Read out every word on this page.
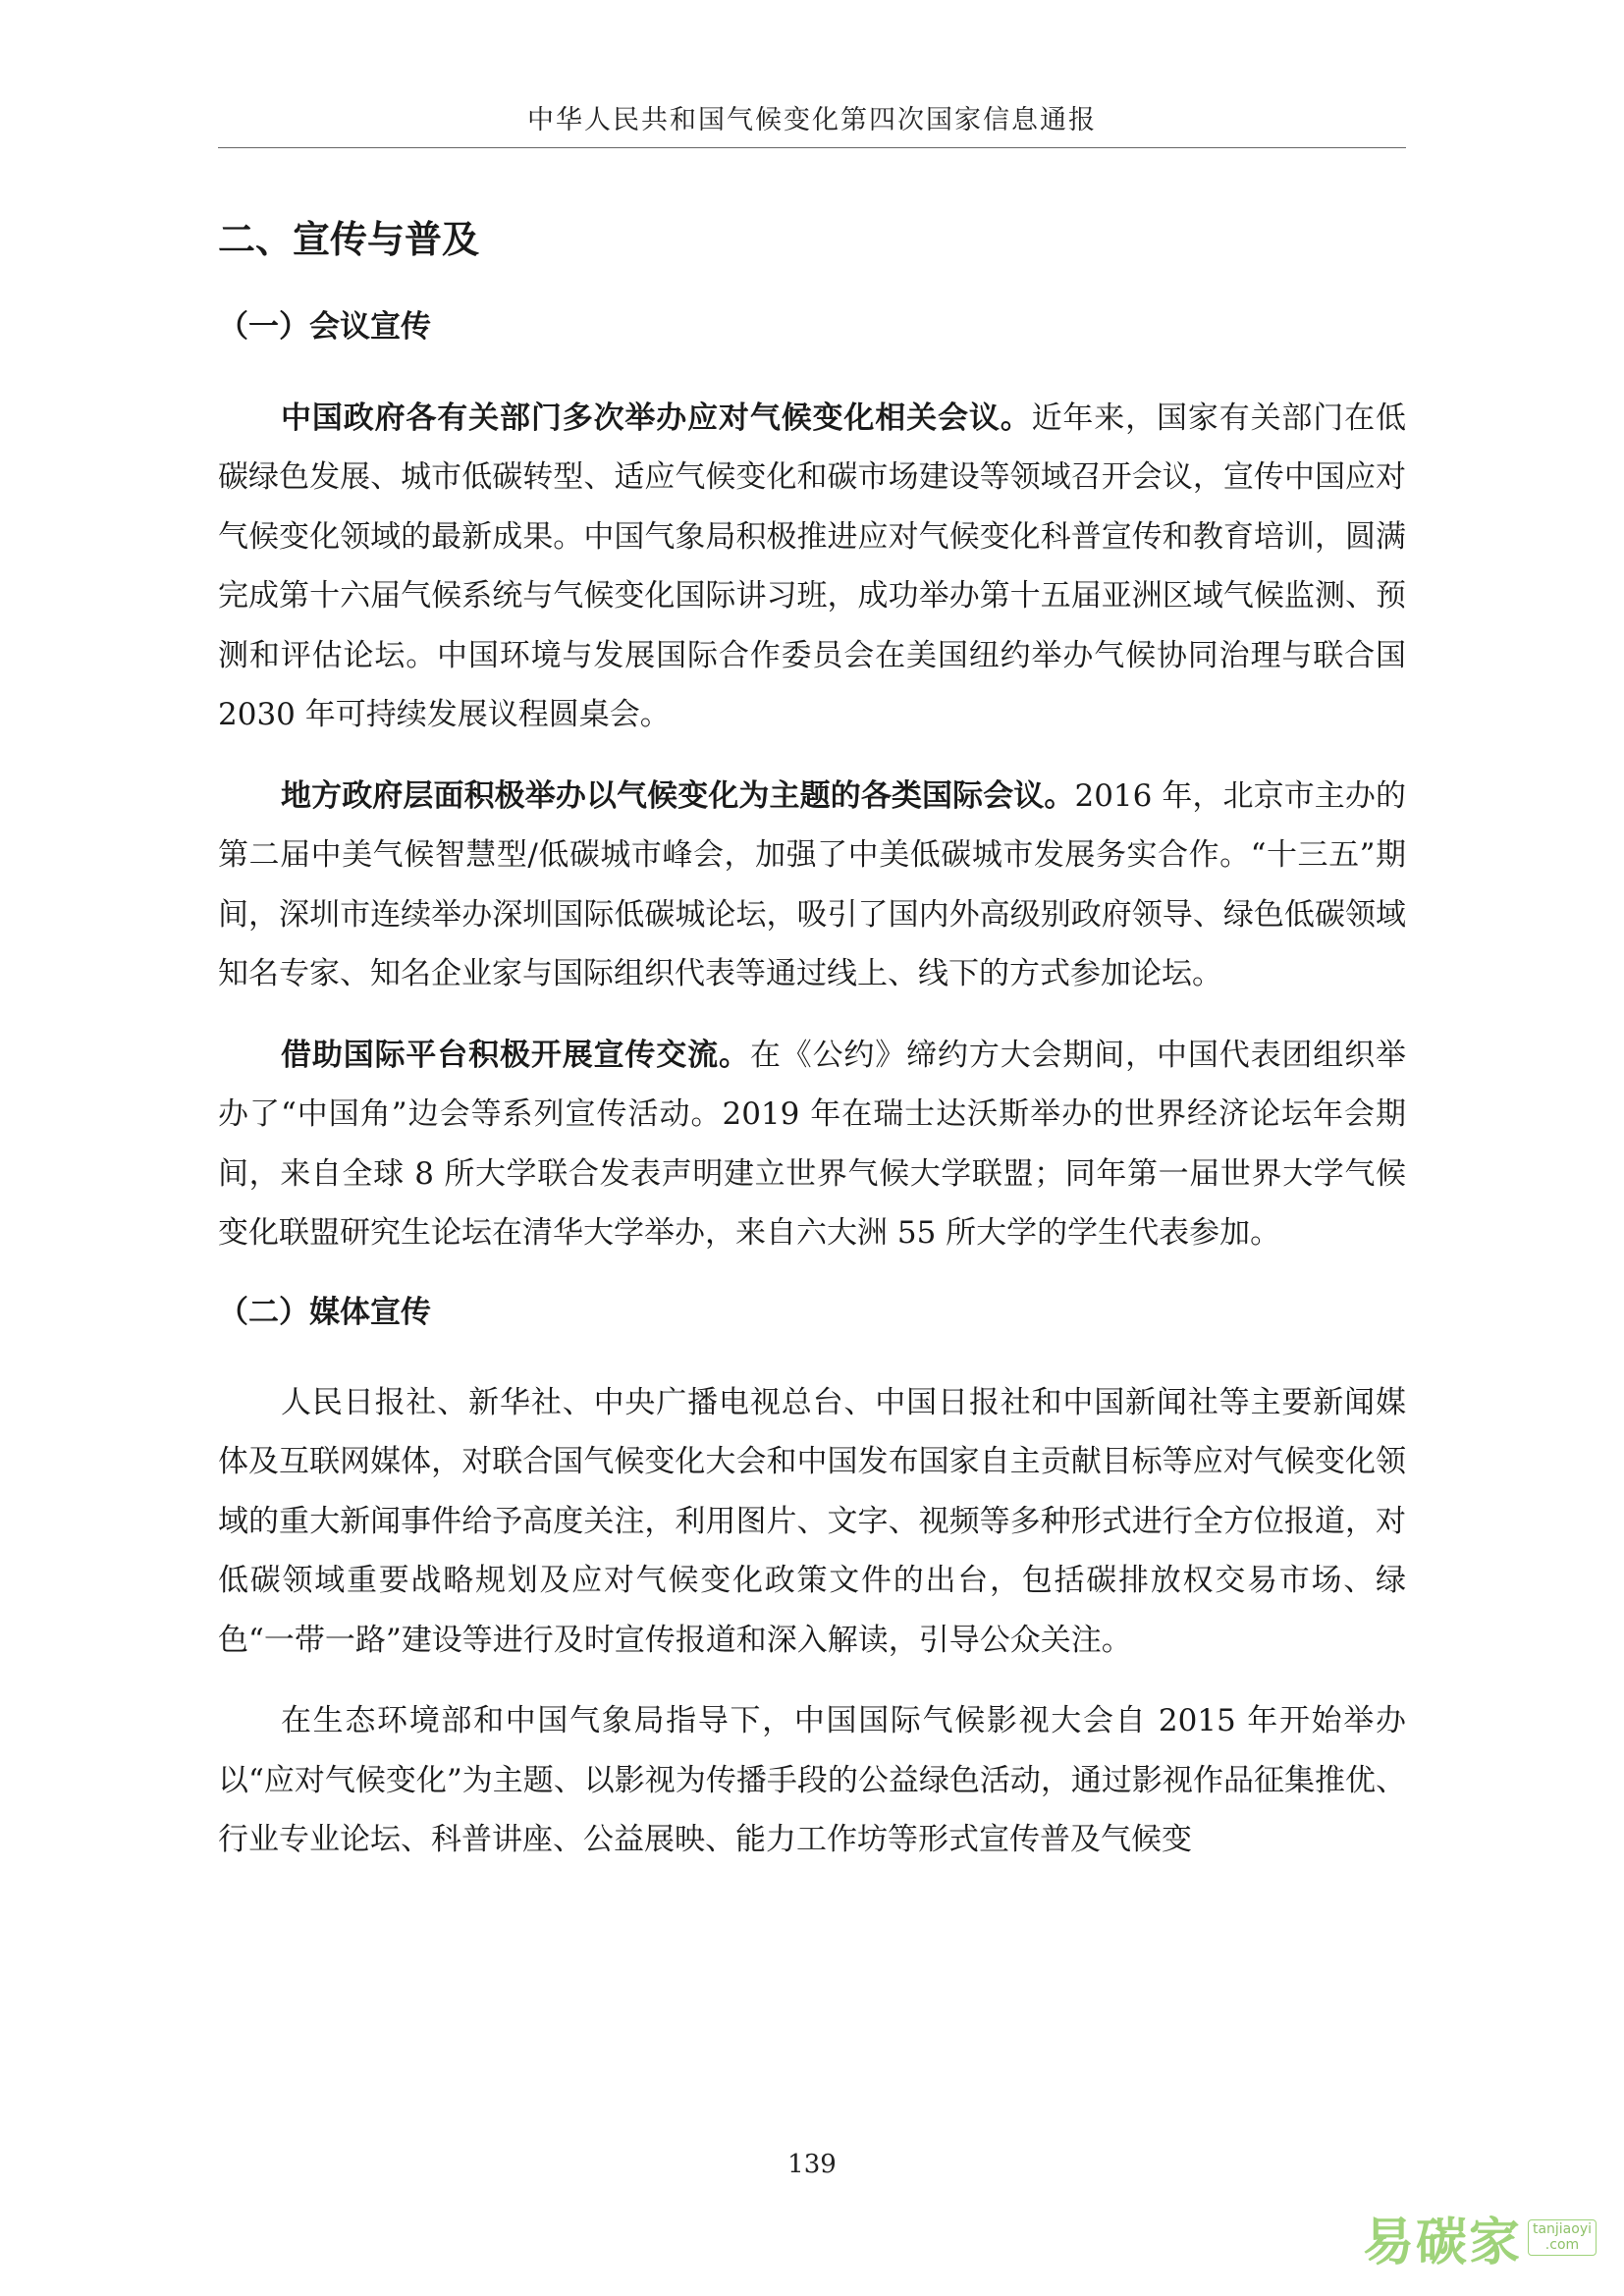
中华人民共和国气候变化第四次国家信息通报
二、宣传与普及
（一）会议宣传

中国政府各有关部门多次举办应对气候变化相关会议。近年来，国家有关部门在低碳绿色发展、城市低碳转型、适应气候变化和碳市场建设等领域召开会议，宣传中国应对气候变化领域的最新成果。中国气象局积极推进应对气候变化科普宣传和教育培训，圆满完成第十六届气候系统与气候变化国际讲习班，成功举办第十五届亚洲区域气候监测、预测和评估论坛。中国环境与发展国际合作委员会在美国纽约举办气候协同治理与联合国 2030 年可持续发展议程圆桌会。

地方政府层面积极举办以气候变化为主题的各类国际会议。2016 年，北京市主办的第二届中美气候智慧型/低碳城市峰会，加强了中美低碳城市发展务实合作。“十三五”期间，深圳市连续举办深圳国际低碳城论坛，吸引了国内外高级别政府领导、绿色低碳领域知名专家、知名企业家与国际组织代表等通过线上、线下的方式参加论坛。

借助国际平台积极开展宣传交流。在《公约》缔约方大会期间，中国代表团组织举办了“中国角”边会等系列宣传活动。2019 年在瑞士达沃斯举办的世界经济论坛年会期间，来自全球 8 所大学联合发表声明建立世界气候大学联盟；同年第一届世界大学气候变化联盟研究生论坛在清华大学举办，来自六大洲 55 所大学的学生代表参加。

（二）媒体宣传

人民日报社、新华社、中央广播电视总台、中国日报社和中国新闻社等主要新闻媒体及互联网媒体，对联合国气候变化大会和中国发布国家自主贡献目标等应对气候变化领域的重大新闻事件给予高度关注，利用图片、文字、视频等多种形式进行全方位报道，对低碳领域重要战略规划及应对气候变化政策文件的出台，包括碳排放权交易市场、绿色“一带一路”建设等进行及时宣传报道和深入解读，引导公众关注。

在生态环境部和中国气象局指导下，中国国际气候影视大会自 2015 年开始举办以“应对气候变化”为主题、以影视为传播手段的公益绿色活动，通过影视作品征集推优、行业专业论坛、科普讲座、公益展映、能力工作坊等形式宣传普及气候变

139
易碳家 tanjiaoyi
.com
